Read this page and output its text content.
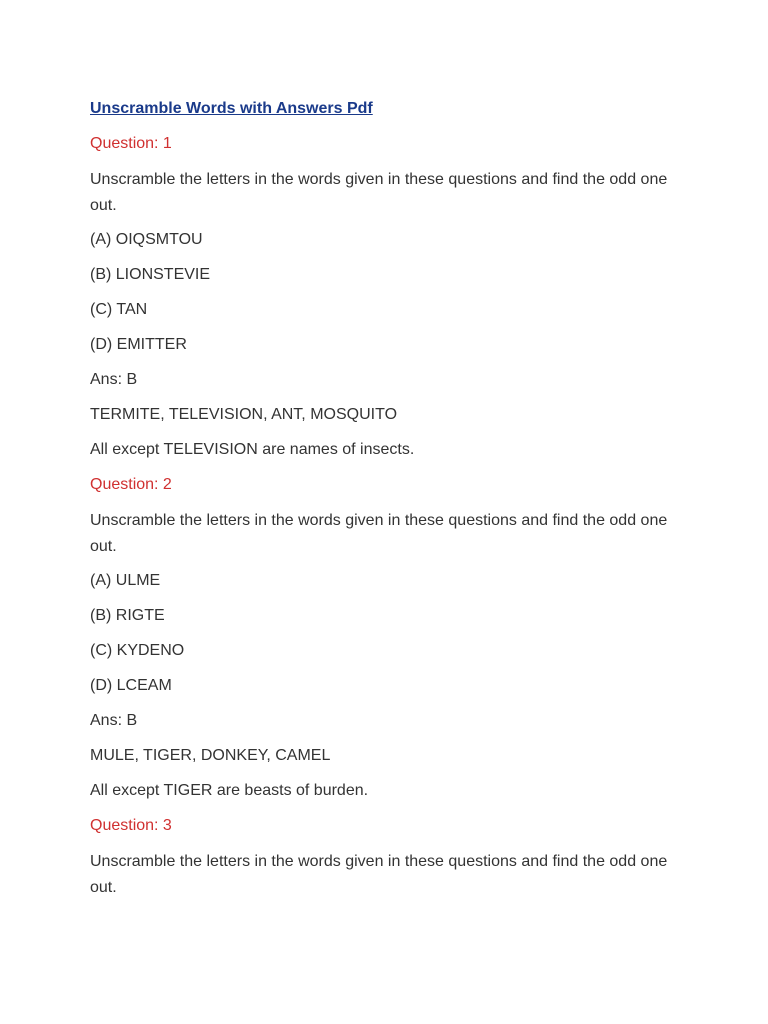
Unscramble Words with Answers Pdf
Question: 1
Unscramble the letters in the words given in these questions and find the odd one out.
(A) OIQSMTOU
(B) LIONSTEVIE
(C) TAN
(D) EMITTER
Ans: B
TERMITE, TELEVISION, ANT, MOSQUITO
All except TELEVISION are names of insects.
Question: 2
Unscramble the letters in the words given in these questions and find the odd one out.
(A) ULME
(B) RIGTE
(C) KYDENO
(D) LCEAM
Ans: B
MULE, TIGER, DONKEY, CAMEL
All except TIGER are beasts of burden.
Question: 3
Unscramble the letters in the words given in these questions and find the odd one out.
